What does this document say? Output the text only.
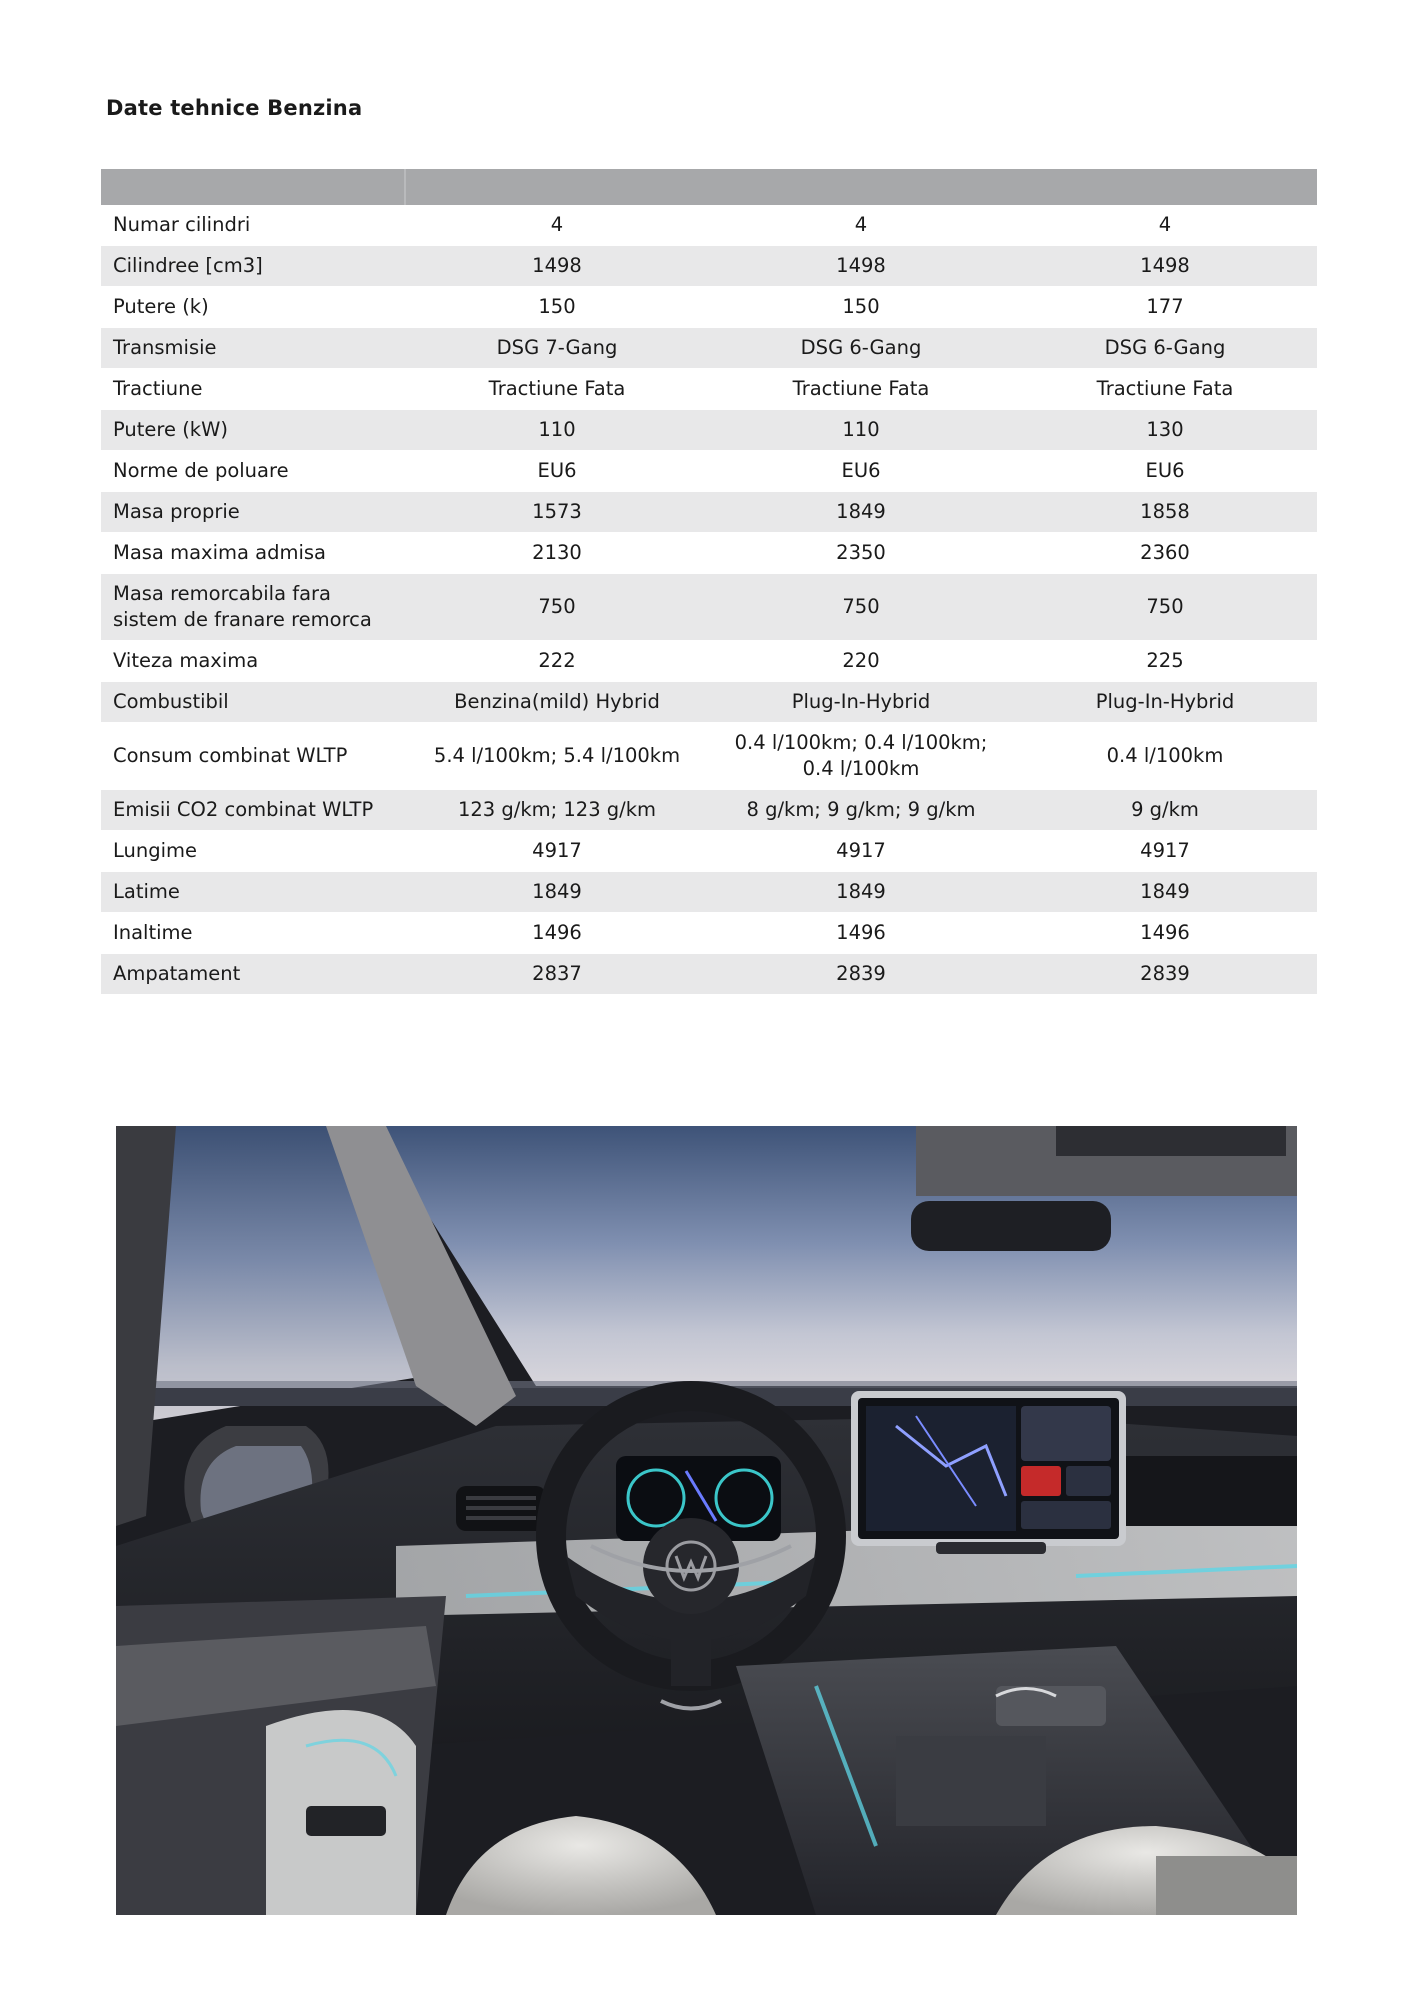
Date tehnice Benzina

Numar cilindri	4	4	4
Cilindree [cm3]	1498	1498	1498
Putere (k)	150	150	177
Transmisie	DSG 7-Gang	DSG 6-Gang	DSG 6-Gang
Tractiune	Tractiune Fata	Tractiune Fata	Tractiune Fata
Putere (kW)	110	110	130
Norme de poluare	EU6	EU6	EU6
Masa proprie	1573	1849	1858
Masa maxima admisa	2130	2350	2360
Masa remorcabila fara sistem de franare remorca	750	750	750
Viteza maxima	222	220	225
Combustibil	Benzina(mild) Hybrid	Plug-In-Hybrid	Plug-In-Hybrid
Consum combinat WLTP	5.4 l/100km; 5.4 l/100km	0.4 l/100km; 0.4 l/100km; 0.4 l/100km	0.4 l/100km
Emisii CO2 combinat WLTP	123 g/km; 123 g/km	8 g/km; 9 g/km; 9 g/km	9 g/km
Lungime	4917	4917	4917
Latime	1849	1849	1849
Inaltime	1496	1496	1496
Ampatament	2837	2839	2839
